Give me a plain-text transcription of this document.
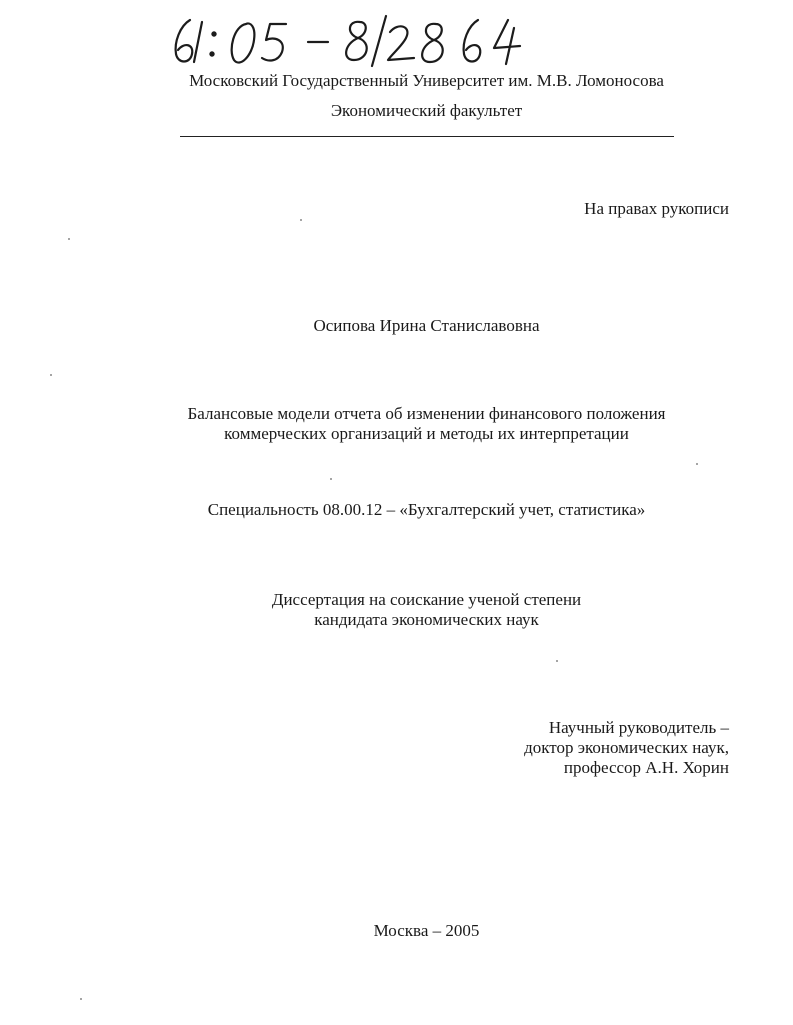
Московский Государственный Университет им. М.В. Ломоносова
Экономический факультет
На правах рукописи
Осипова Ирина Станиславовна
Балансовые модели отчета об изменении финансового положения
коммерческих организаций и методы их интерпретации
Специальность 08.00.12 – «Бухгалтерский учет, статистика»
Диссертация на соискание ученой степени
кандидата экономических наук
Научный руководитель –
доктор экономических наук,
профессор А.Н. Хорин
Москва – 2005
